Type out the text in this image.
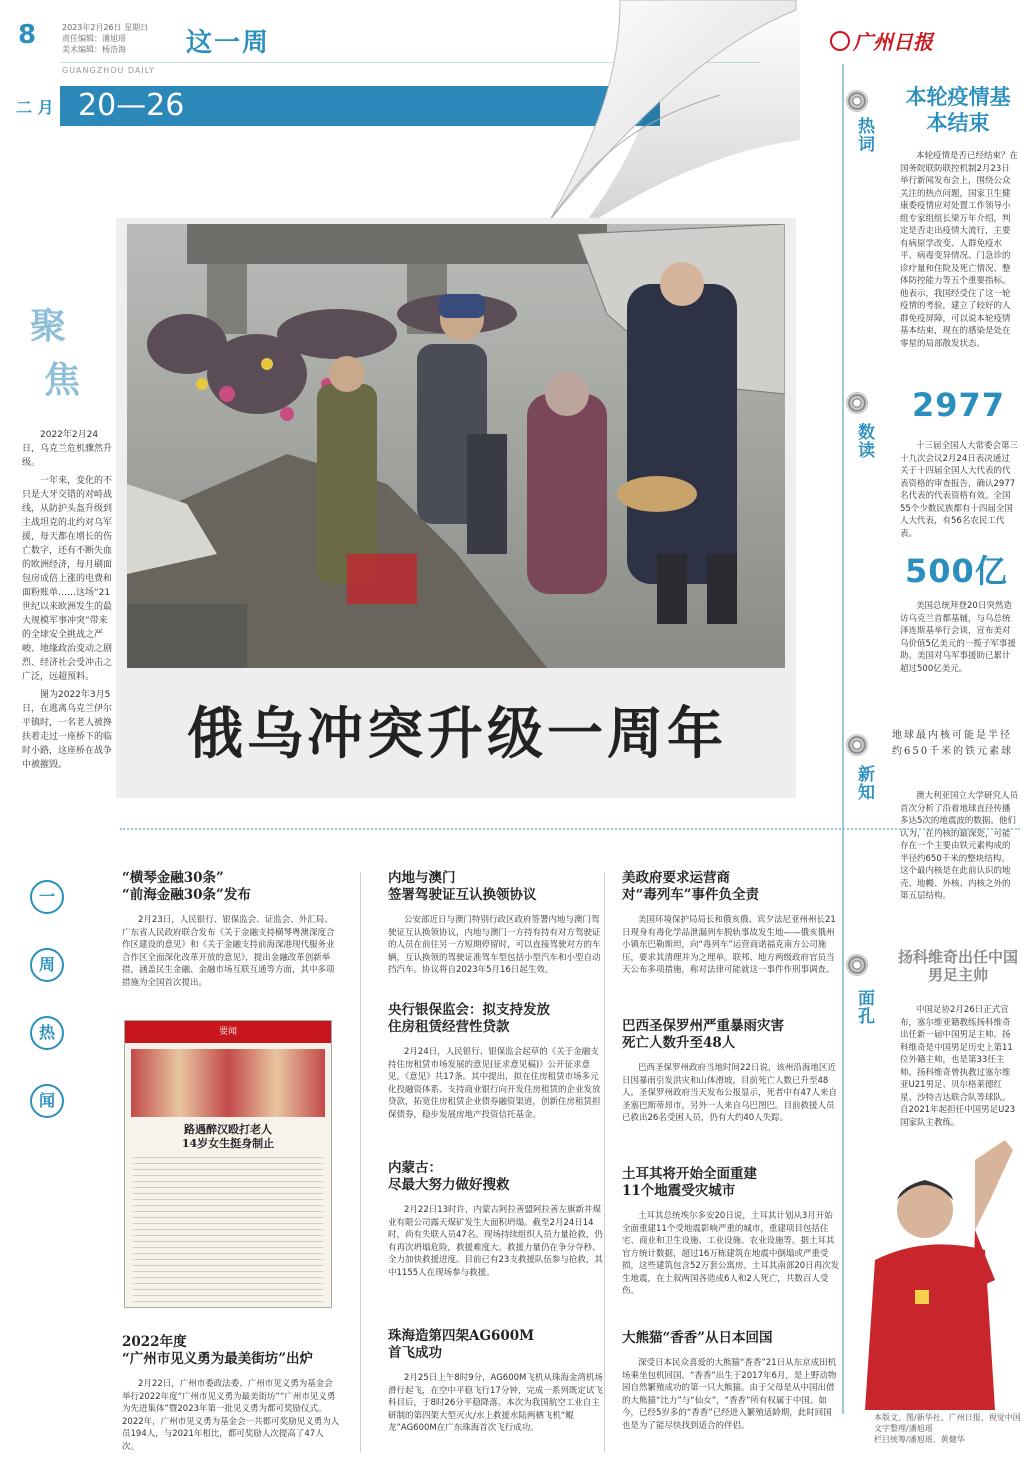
8	2023年2月26日 星期日
责任编辑：潘旭瑶
美术编辑：杨浩海	这一周
GUANGZHOU DAILY
二 月 20—26
聚
焦

2022年2月24日，乌克兰危机骤然升级。

一年来，变化的不只是大牙交错的对峙战线，从防护头盔升级到主战坦克的北约对乌军援，每天都在增长的伤亡数字，还有不断失血的欧洲经济，每月刷面包房成倍上涨的电费和面粉账单……这场“21世纪以来欧洲发生的最大规模军事冲突”带来的全球安全挑战之严峻、地缘政治变动之剧烈、经济社会受冲击之广泛，远超预料。

图为2022年3月5日，在逃离乌克兰伊尔平镇时，一名老人被搀扶着走过一座桥下的临时小路，这座桥在战争中被摧毁。	俄乌冲突升级一周年
广州日报
热词
本轮疫情基本结束

本轮疫情是否已经结束？在国务院联防联控机制2月23日举行新闻发布会上，围绕公众关注的热点问题，国家卫生健康委疫情应对处置工作领导小组专家组组长梁万年介绍，判定是否走出疫情大流行，主要有病原学改变、人群免疫水平、病毒变异情况、门急诊的诊疗量和住院及死亡情况、整体防控能力等五个重要指标。他表示，我国经受住了这一轮疫情的考验，建立了较好的人群免疫屏障，可以说本轮疫情基本结束，现在的感染是处在零星的局部散发状态。

数读
2977

十三届全国人大常委会第三十九次会议2月24日表决通过关于十四届全国人大代表的代表资格的审查报告，确认2977名代表的代表资格有效。全国55个少数民族都有十四届全国人大代表，有56名农民工代表。

500亿

美国总统拜登20日突然造访乌克兰首都基辅，与乌总统泽连斯基举行会谈，宣布美对乌价值5亿美元的一揽子军事援助。美国对乌军事援助已累计超过500亿美元。

新知
地球最内核可能是半径约650千米的铁元素球

澳大利亚国立大学研究人员首次分析了沿着地球直径传播多达5次的地震波的数据。他们认为，在内核的最深处，可能存在一个主要由铁元素构成的半径约650千米的整块结构。这个最内核是在此前认识的地壳、地幔、外核、内核之外的第五层结构。

面孔
扬科维奇出任中国男足主帅

中国足协2月26日正式宣布，塞尔维亚籍教练扬科维奇出任新一届中国男足主帅。扬科维奇是中国男足历史上第11位外籍主帅，也是第33任主帅。扬科维奇曾执教过塞尔维亚U21男足、贝尔格莱德红星、沙特吉达联合队等球队。自2021年起担任中国男足U23国家队主教练。

本版文、图/新华社、广州日报、视觉中国
文字整理/潘旭瑶
栏目统筹/潘旭瑶、黄健华
一
周
热
闻
“横琴金融30条”
“前海金融30条”发布

2月23日，人民银行、银保监会、证监会、外汇局、广东省人民政府联合发布《关于金融支持横琴粤澳深度合作区建设的意见》和《关于金融支持前海深港现代服务业合作区全面深化改革开放的意见》，提出金融改革创新举措，涵盖民生金融、金融市场互联互通等方面，其中多项措施为全国首次提出。

要闻
路遇醉汉殴打老人
14岁女生挺身制止
2022年度
“广州市见义勇为最美街坊”出炉

2月22日，广州市委政法委、广州市见义勇为基金会举行2022年度“广州市见义勇为最美街坊”“广州市见义勇为先进集体”暨2023年第一批见义勇为都可奖励仪式。2022年，广州市见义勇为基金会一共都可奖励见义勇为人员194人，与2021年相比，都可奖励人次提高了47人次。

内地与澳门
签署驾驶证互认换领协议

公安部近日与澳门特别行政区政府签署内地与澳门驾驶证互认换领协议，内地与澳门一方持有持有对方驾驶证的人员在前往另一方短期停留时，可以直接驾驶对方的车辆，互认换领的驾驶证准驾车型包括小型汽车和小型自动挡汽车。协议将自2023年5月16日起生效。

央行银保监会：拟支持发放
住房租赁经营性贷款

2月24日，人民银行、银保监会起草的《关于金融支持住房租赁市场发展的意见(征求意见稿)》公开征求意见。《意见》共17条。其中提出，拟在住房租赁市场多元化投融资体系、支持商业银行向开发住房租赁的企业发放贷款，拓宽住房租赁企业债券融资渠道，创新住房租赁担保债券，稳步发展房地产投资信托基金。

内蒙古：
尽最大努力做好搜救

2月22日13时许，内蒙古阿拉善盟阿拉善左旗新井煤业有限公司露天煤矿发生大面积坍塌。截至2月24日14时，尚有失联人员47名。现场持续组织人员力量抢救，仍有再次坍塌危险，救援难度大。救援力量仍在争分夺秒、全力加快救援进度。目前已有23支救援队伍参与抢救，其中1155人在现场参与救援。

珠海造第四架AG600M
首飞成功

2月25日上午8时9分，AG600M飞机从珠海金湾机场滑行起飞，在空中平稳飞行17分钟，完成一系列既定试飞科目后，于8时26分平稳降落。本次为我国航空工业自主研制的第四架大型灭火/水上救援水陆两栖飞机“鲲龙”AG600M在广东珠海首次飞行成功。

美政府要求运营商
对“毒列车”事件负全责

美国环境保护局局长和俄亥俄、宾夕法尼亚州州长21日现身有毒化学品泄漏列车脱轨事故发生地——俄亥俄州小镇东巴勒斯坦，向“毒列车”运营商诺福克南方公司施压，要求其清理并为之埋单。联邦、地方两级政府官员当天公布多项措施，称对法律可能就这一事件作刑事调查。

巴西圣保罗州严重暴雨灾害
死亡人数升至48人

巴西圣保罗州政府当地时间22日说，该州沿海地区近日因暴雨引发洪灾和山体滑坡，目前死亡人数已升至48人。圣保罗州政府当天发布公报显示，死者中有47人来自圣塞巴斯蒂昂市，另外一人来自乌巴图巴。目前救援人员已救出26名受困人员，仍有大约40人失踪。

土耳其将开始全面重建
11个地震受灾城市

土耳其总统埃尔多安20日说，土耳其计划从3月开始全面重建11个受地震影响严重的城市，重建项目包括住宅、商业和卫生设施、工业设施、农业设施等。据土耳其官方统计数据，超过16万栋建筑在地震中倒塌或严重受损，这些建筑包含52万套公寓房。土耳其南部20日再次发生地震，在土叙两国各造成6人和2人死亡，共数百人受伤。

大熊猫“香香”从日本回国

深受日本民众喜爱的大熊猫“香香”21日从东京成田机场乘坐包机回国。“香香”出生于2017年6月，是上野动物园自然繁殖成功的第一只大熊猫。由于父母是从中国出借的大熊猫“比力”与“仙女”，“香香”所有权属于中国。如今，已经5岁多的“香香”已经进入繁殖适龄期，此时回国也是为了能尽快找到适合的伴侣。
